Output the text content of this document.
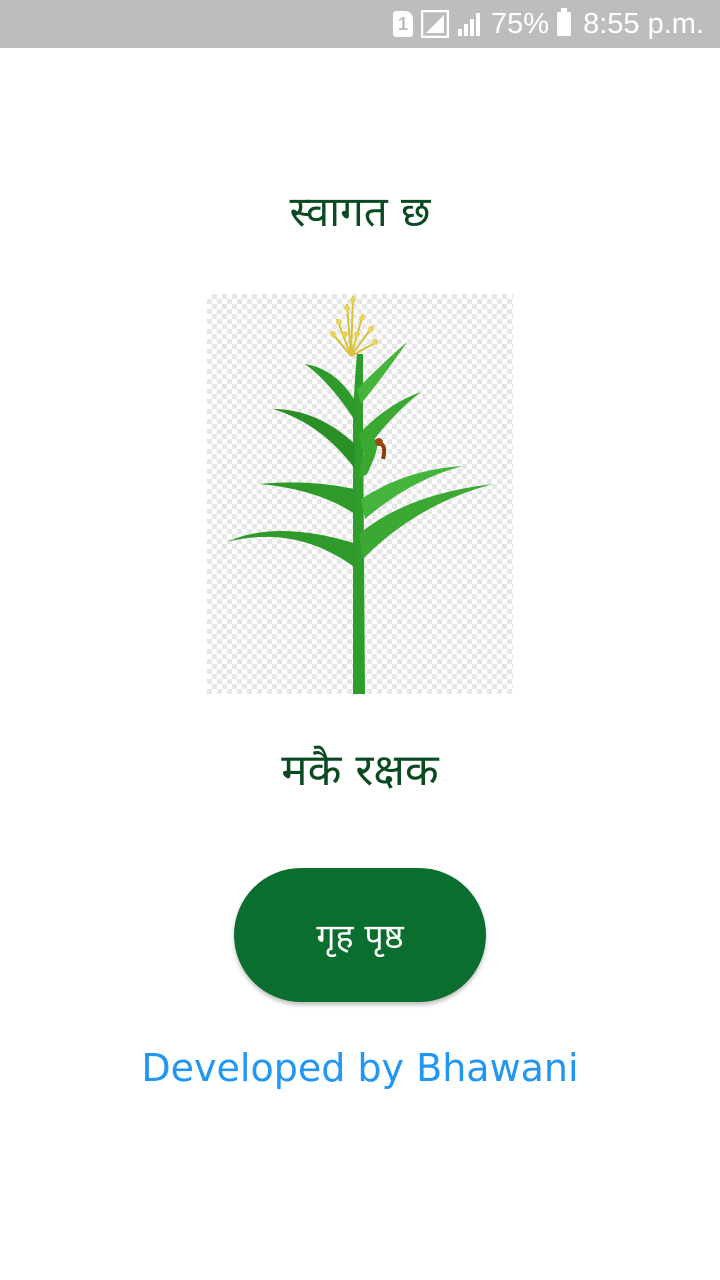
1	75% 8:55 p.m.
स्वागत छ
मकै रक्षक
गृह पृष्ठ
Developed by Bhawani
